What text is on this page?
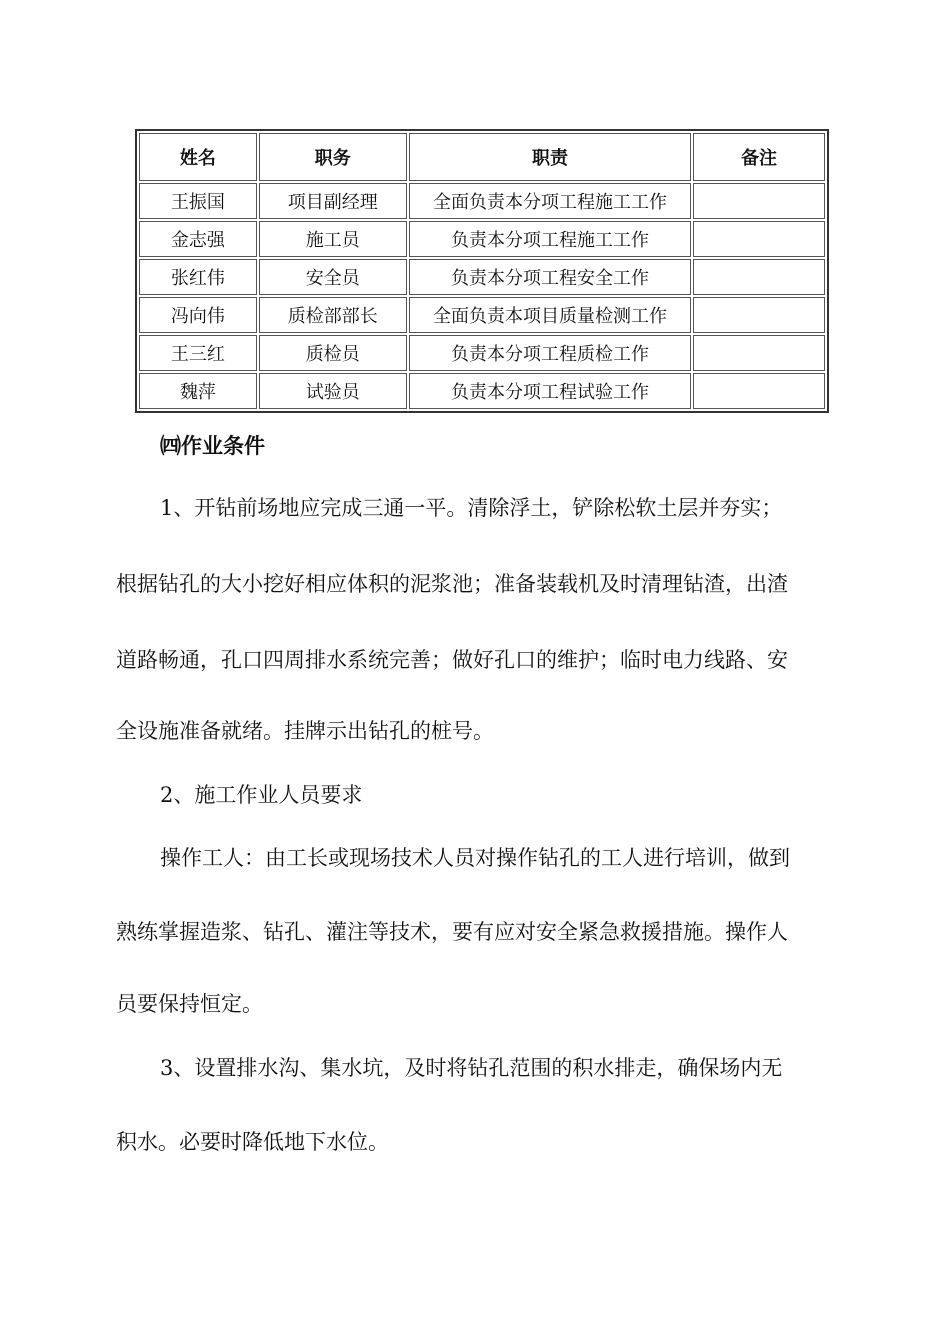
姓名	职务	职责	备注
王振国	项目副经理	全面负责本分项工程施工工作	
金志强	施工员	负责本分项工程施工工作	
张红伟	安全员	负责本分项工程安全工作	
冯向伟	质检部部长	全面负责本项目质量检测工作	
王三红	质检员	负责本分项工程质检工作	
魏萍	试验员	负责本分项工程试验工作	
㈣作业条件

1、开钻前场地应完成三通一平。清除浮土，铲除松软土层并夯实；

根据钻孔的大小挖好相应体积的泥浆池；准备装载机及时清理钻渣，出渣

道路畅通，孔口四周排水系统完善；做好孔口的维护；临时电力线路、安

全设施准备就绪。挂牌示出钻孔的桩号。

2、施工作业人员要求

操作工人：由工长或现场技术人员对操作钻孔的工人进行培训，做到

熟练掌握造浆、钻孔、灌注等技术，要有应对安全紧急救援措施。操作人

员要保持恒定。

3、设置排水沟、集水坑，及时将钻孔范围的积水排走，确保场内无

积水。必要时降低地下水位。
